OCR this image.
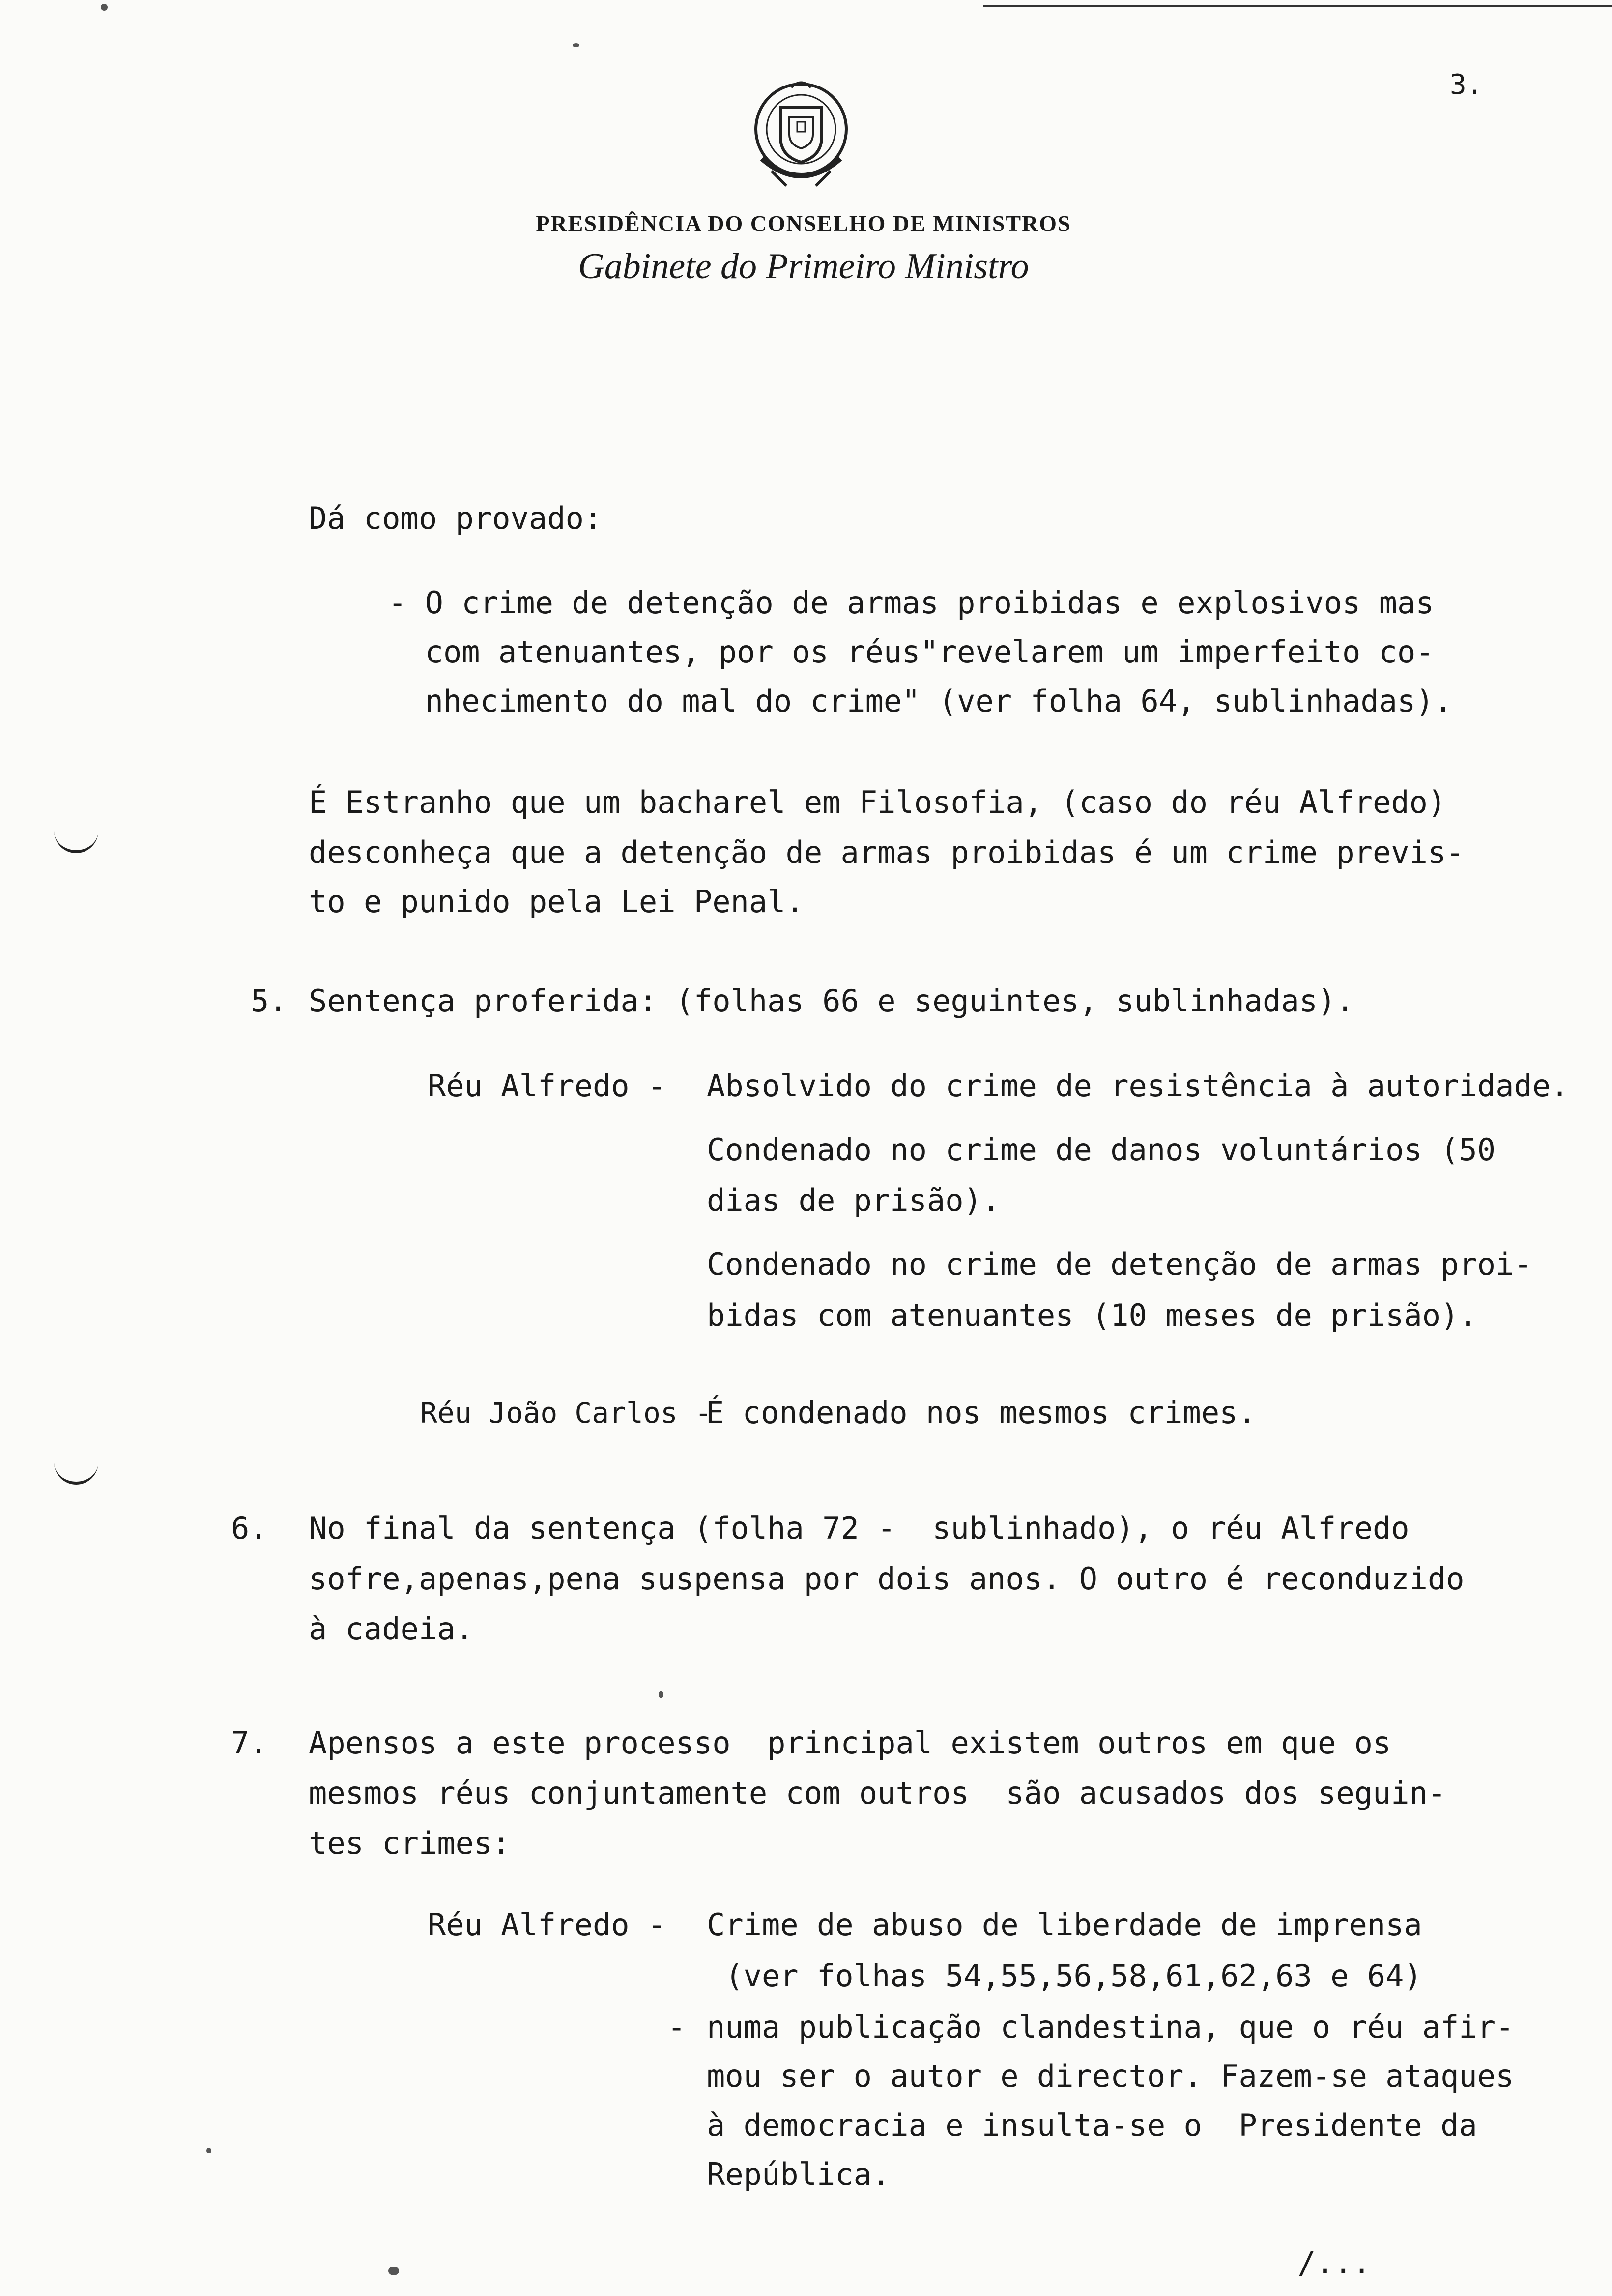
3.
PRESIDÊNCIA DO CONSELHO DE MINISTROS
Gabinete do Primeiro Ministro
Dá como provado:
- O crime de detenção de armas proibidas e explosivos mas
com atenuantes, por os réus"revelarem um imperfeito co-
nhecimento do mal do crime" (ver folha 64, sublinhadas).
É Estranho que um bacharel em Filosofia, (caso do réu Alfredo)
desconheça que a detenção de armas proibidas é um crime previs-
to e punido pela Lei Penal.
5. Sentença proferida: (folhas 66 e seguintes, sublinhadas).
Réu Alfredo - Absolvido do crime de resistência à autoridade.
Condenado no crime de danos voluntários (50
dias de prisão).
Condenado no crime de detenção de armas proi-
bidas com atenuantes (10 meses de prisão).
Réu João Carlos -
É condenado nos mesmos crimes.
6. No final da sentença (folha 72 -  sublinhado), o réu Alfredo
sofre,apenas,pena suspensa por dois anos. O outro é reconduzido
à cadeia.
7. Apensos a este processo  principal existem outros em que os
mesmos réus conjuntamente com outros  são acusados dos seguin-
tes crimes:
Réu Alfredo - Crime de abuso de liberdade de imprensa
(ver folhas 54,55,56,58,61,62,63 e 64)
- numa publicação clandestina, que o réu afir-
mou ser o autor e director. Fazem-se ataques
à democracia e insulta-se o  Presidente da
República.
/...
